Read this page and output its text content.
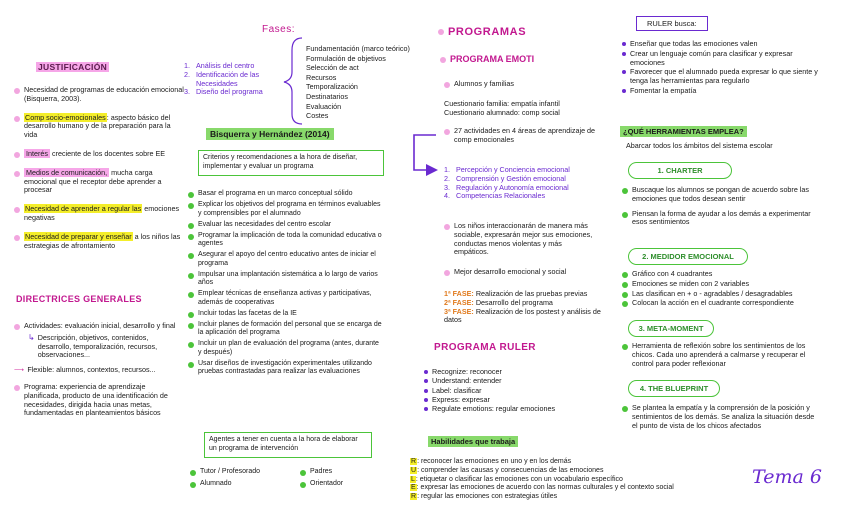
JUSTIFICACIÓN
Necesidad de programas de educación emocional (Bisquerra, 2003).
Comp socio-emocionales: aspecto básico del desarrollo humano y de la preparación para la vida
Interés creciente de los docentes sobre EE
Medios de comunicación, mucha carga emocional que el receptor debe aprender a procesar
Necesidad de aprender a regular las emociones negativas
Necesidad de preparar y enseñar a los niños las estrategias de afrontamiento
DIRECTRICES GENERALES
Actividades: evaluación inicial, desarrollo y final
↳ Descripción, objetivos, contenidos, desarrollo, temporalización, recursos, observaciones...
⟶ Flexible: alumnos, contextos, recursos...
Programa: experiencia de aprendizaje planificada, producto de una identificación de necesidades, dirigida hacia unas metas, fundamentadas en planteamientos básicos
Fases:
1. Análisis del centro
2. Identificación de las Necesidades
3. Diseño del programa
Fundamentación (marco teórico)
Formulación de objetivos
Selección de act
Recursos
Temporalización
Destinatarios
Evaluación
Costes
Bisquerra y Hernández (2014)
Criterios y recomendaciones a la hora de diseñar, implementar y evaluar un programa
Basar el programa en un marco conceptual sólido
Explicar los objetivos del programa en términos evaluables y comprensibles por el alumnado
Evaluar las necesidades del centro escolar
Programar la implicación de toda la comunidad educativa o agentes
Asegurar el apoyo del centro educativo antes de iniciar el programa
Impulsar una implantación sistemática a lo largo de varios años
Emplear técnicas de enseñanza activas y participativas, además de cooperativas
Incluir todas las facetas de la IE
Incluir planes de formación del personal que se encarga de la aplicación del programa
Incluir un plan de evaluación del programa (antes, durante y después)
Usar diseños de investigación experimentales utilizando pruebas contrastadas para realizar las evaluaciones
Agentes a tener en cuenta a la hora de elaborar un programa de intervención
Tutor / Profesorado
Alumnado
Padres
Orientador
PROGRAMAS
PROGRAMA EMOTI
Alumnos y familias
Cuestionario familia: empatía infantil
Cuestionario alumnado: comp social
27 actividades en 4 áreas de aprendizaje de comp emocionales
1. Percepción y Conciencia emocional
2. Comprensión y Gestión emocional
3. Regulación y Autonomía emocional
4. Competencias Relacionales
Los niños interaccionarán de manera más sociable, expresarán mejor sus emociones, conductas menos violentas y más empáticos.
Mejor desarrollo emocional y social
1ª FASE: Realización de las pruebas previas
2ª FASE: Desarrollo del programa
3ª FASE: Realización de los postest y análisis de datos
PROGRAMA RULER
Recognize: reconocer
Understand: entender
Label: clasificar
Express: expresar
Regulate emotions: regular emociones
Habilidades que trabaja
R: reconocer las emociones en uno y en los demás
U: comprender las causas y consecuencias de las emociones
L: etiquetar o clasificar las emociones con un vocabulario específico
E: expresar las emociones de acuerdo con las normas culturales y el contexto social
R: regular las emociones con estrategias útiles
RULER busca:
Enseñar que todas las emociones valen
Crear un lenguaje común para clasificar y expresar emociones
Favorecer que el alumnado pueda expresar lo que siente y tenga las herramientas para regularlo
Fomentar la empatía
¿QUÉ HERRAMIENTAS EMPLEA?
Abarcar todos los ámbitos del sistema escolar
1. CHARTER
Buscaque los alumnos se pongan de acuerdo sobre las emociones que todos desean sentir
Piensan la forma de ayudar a los demás a experimentar esos sentimientos
2. MEDIDOR EMOCIONAL
Gráfico con 4 cuadrantes
Emociones se miden con 2 variables
Las clasifican en + o - agradables / desagradables
Colocan la acción en el cuadrante correspondiente
3. META-MOMENT
Herramienta de reflexión sobre los sentimientos de los chicos. Cada uno aprenderá a calmarse y recuperar el control para poder reflexionar
4. THE BLUEPRINT
Se plantea la empatía y la comprensión de la posición y sentimientos de los demás. Se analiza la situación desde el punto de vista de los chicos afectados
Tema 6
